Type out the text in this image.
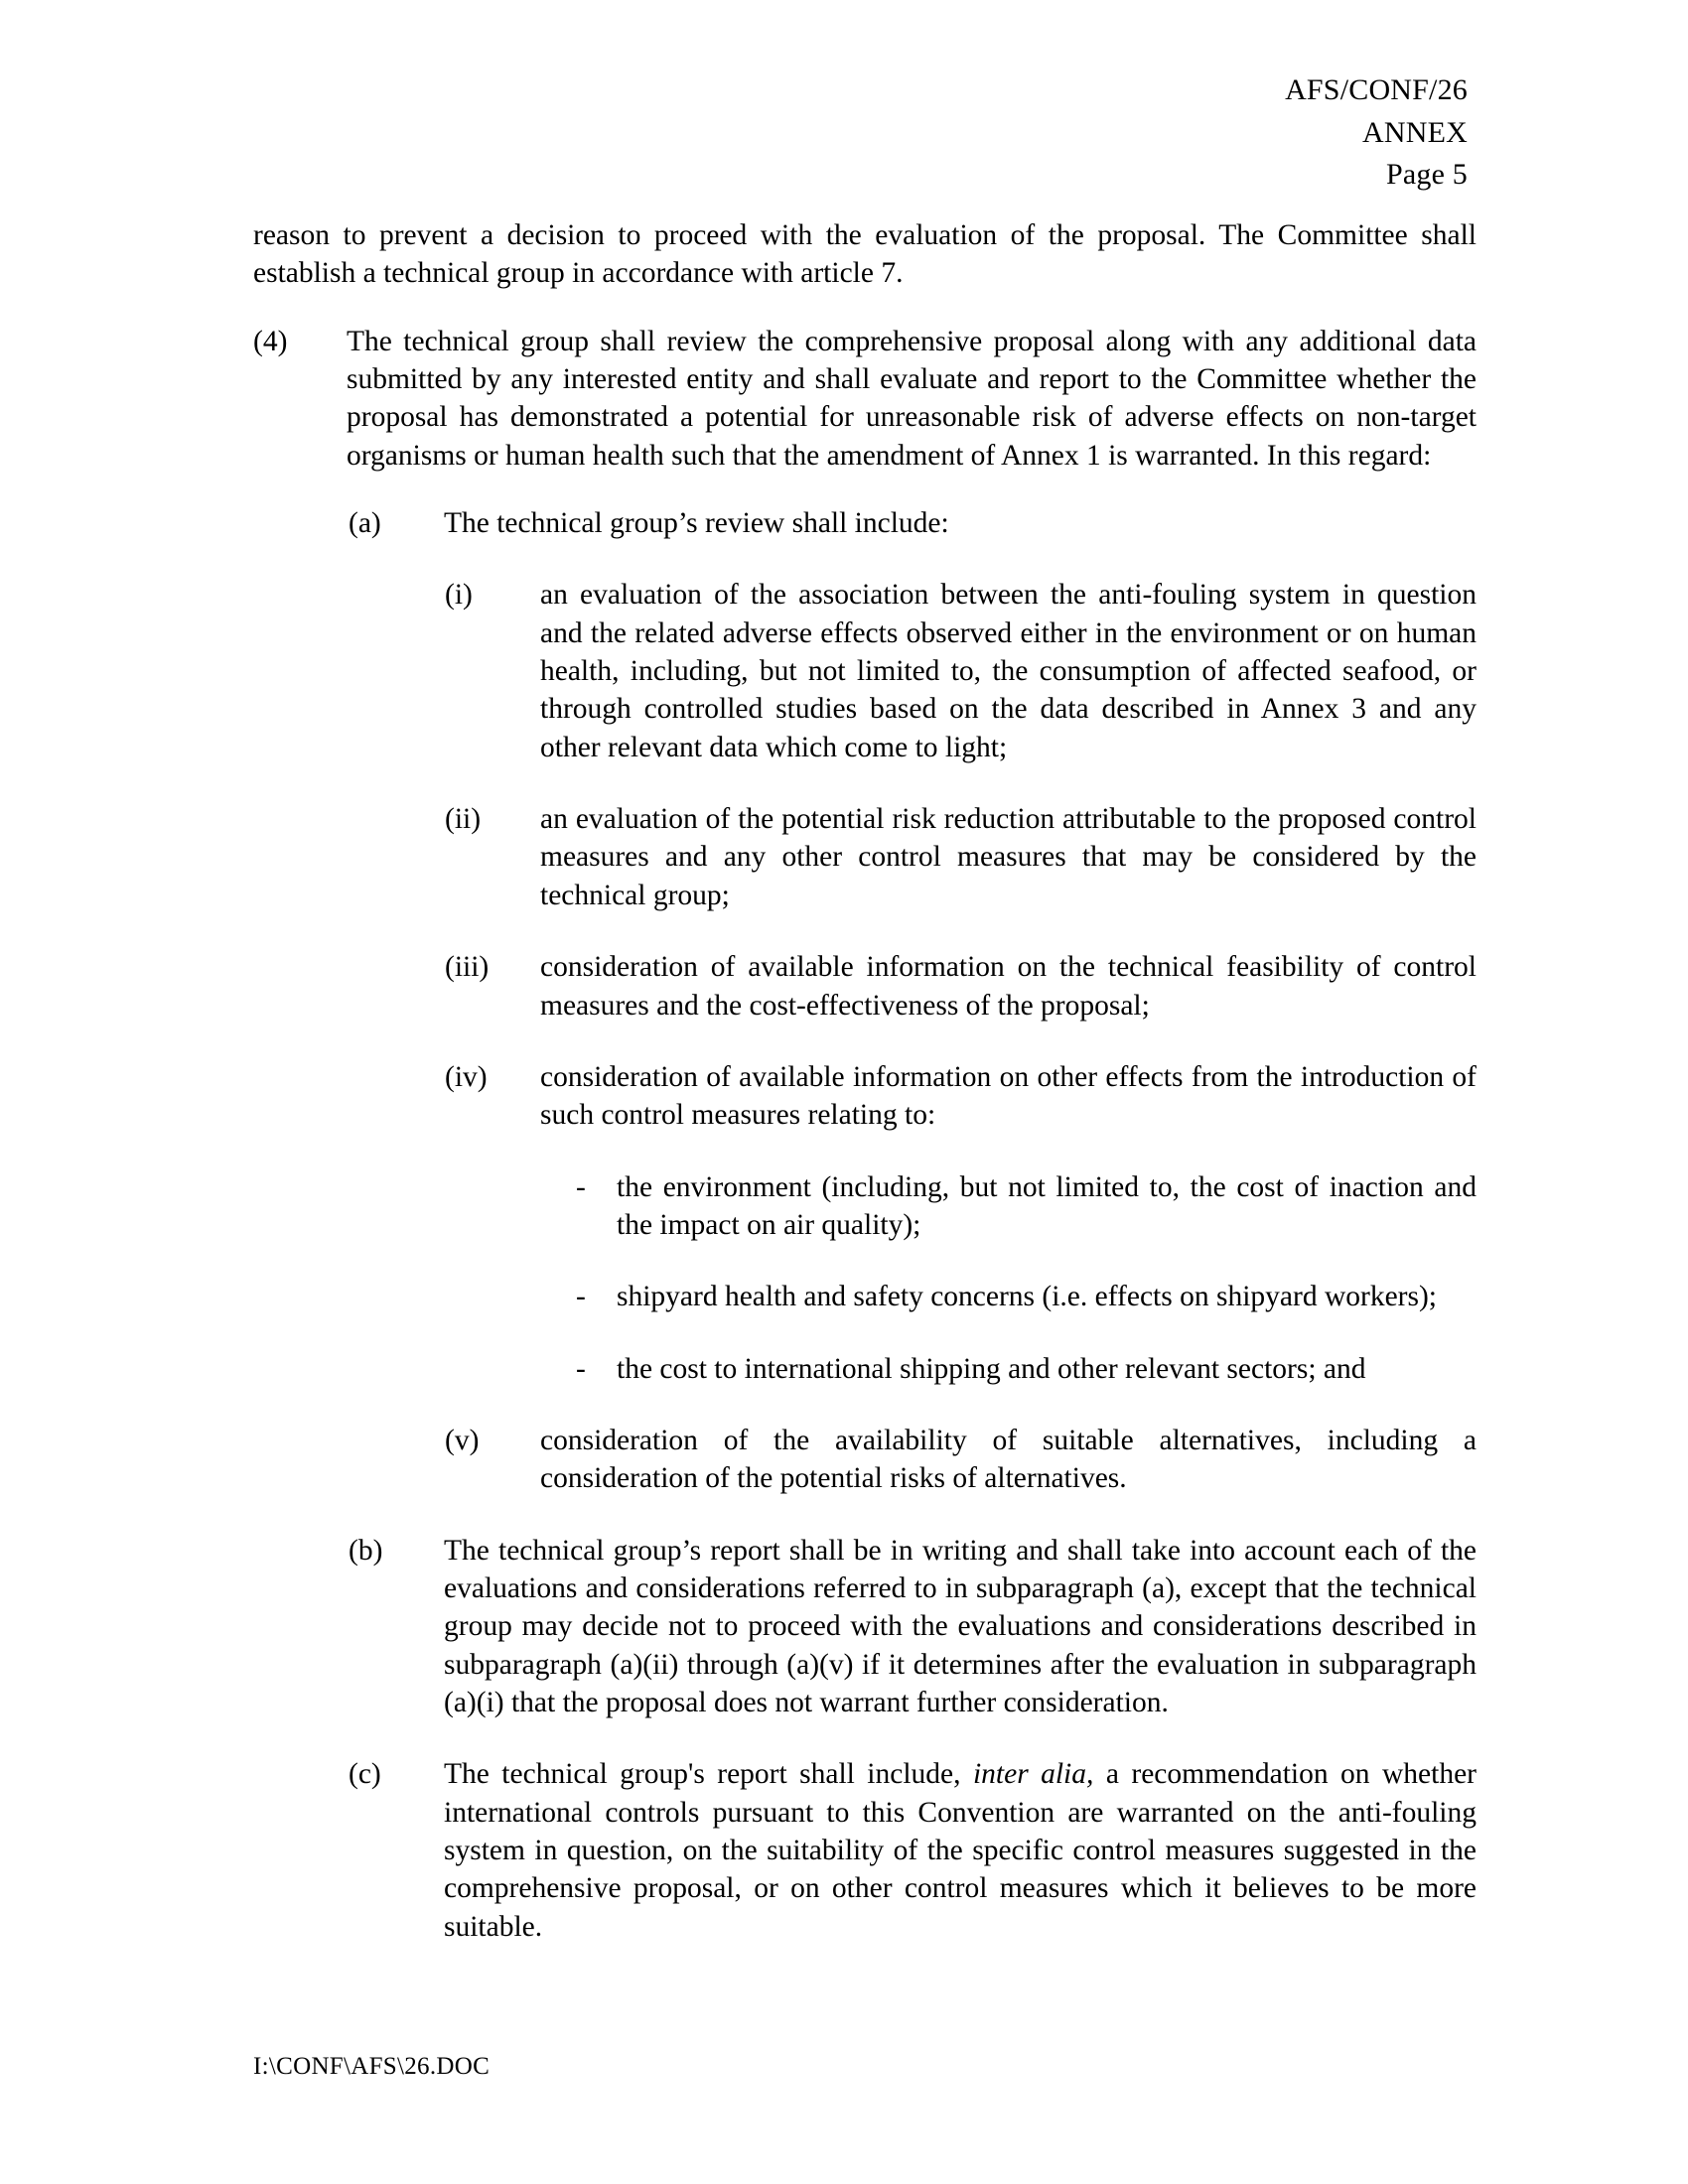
AFS/CONF/26
ANNEX
Page 5

reason to prevent a decision to proceed with the evaluation of the proposal. The Committee shall establish a technical group in accordance with article 7.

(4)	The technical group shall review the comprehensive proposal along with any additional data submitted by any interested entity and shall evaluate and report to the Committee whether the proposal has demonstrated a potential for unreasonable risk of adverse effects on non-target organisms or human health such that the amendment of Annex 1 is warranted. In this regard:
(a)	The technical group’s review shall include:
(i)	an evaluation of the association between the anti-fouling system in question and the related adverse effects observed either in the environment or on human health, including, but not limited to, the consumption of affected seafood, or through controlled studies based on the data described in Annex 3 and any other relevant data which come to light;
(ii)	an evaluation of the potential risk reduction attributable to the proposed control measures and any other control measures that may be considered by the technical group;
(iii)	consideration of available information on the technical feasibility of control measures and the cost-effectiveness of the proposal;
(iv)	consideration of available information on other effects from the introduction of such control measures relating to:
-	the environment (including, but not limited to, the cost of inaction and the impact on air quality);
-	shipyard health and safety concerns (i.e. effects on shipyard workers);
-	the cost to international shipping and other relevant sectors; and
(v)	consideration of the availability of suitable alternatives, including a consideration of the potential risks of alternatives.
(b)	The technical group’s report shall be in writing and shall take into account each of the evaluations and considerations referred to in subparagraph (a), except that the technical group may decide not to proceed with the evaluations and considerations described in subparagraph (a)(ii) through (a)(v) if it determines after the evaluation in subparagraph (a)(i) that the proposal does not warrant further consideration.
(c)	The technical group's report shall include, inter alia, a recommendation on whether international controls pursuant to this Convention are warranted on the anti-fouling system in question, on the suitability of the specific control measures suggested in the comprehensive proposal, or on other control measures which it believes to be more suitable.
I:\CONF\AFS\26.DOC
